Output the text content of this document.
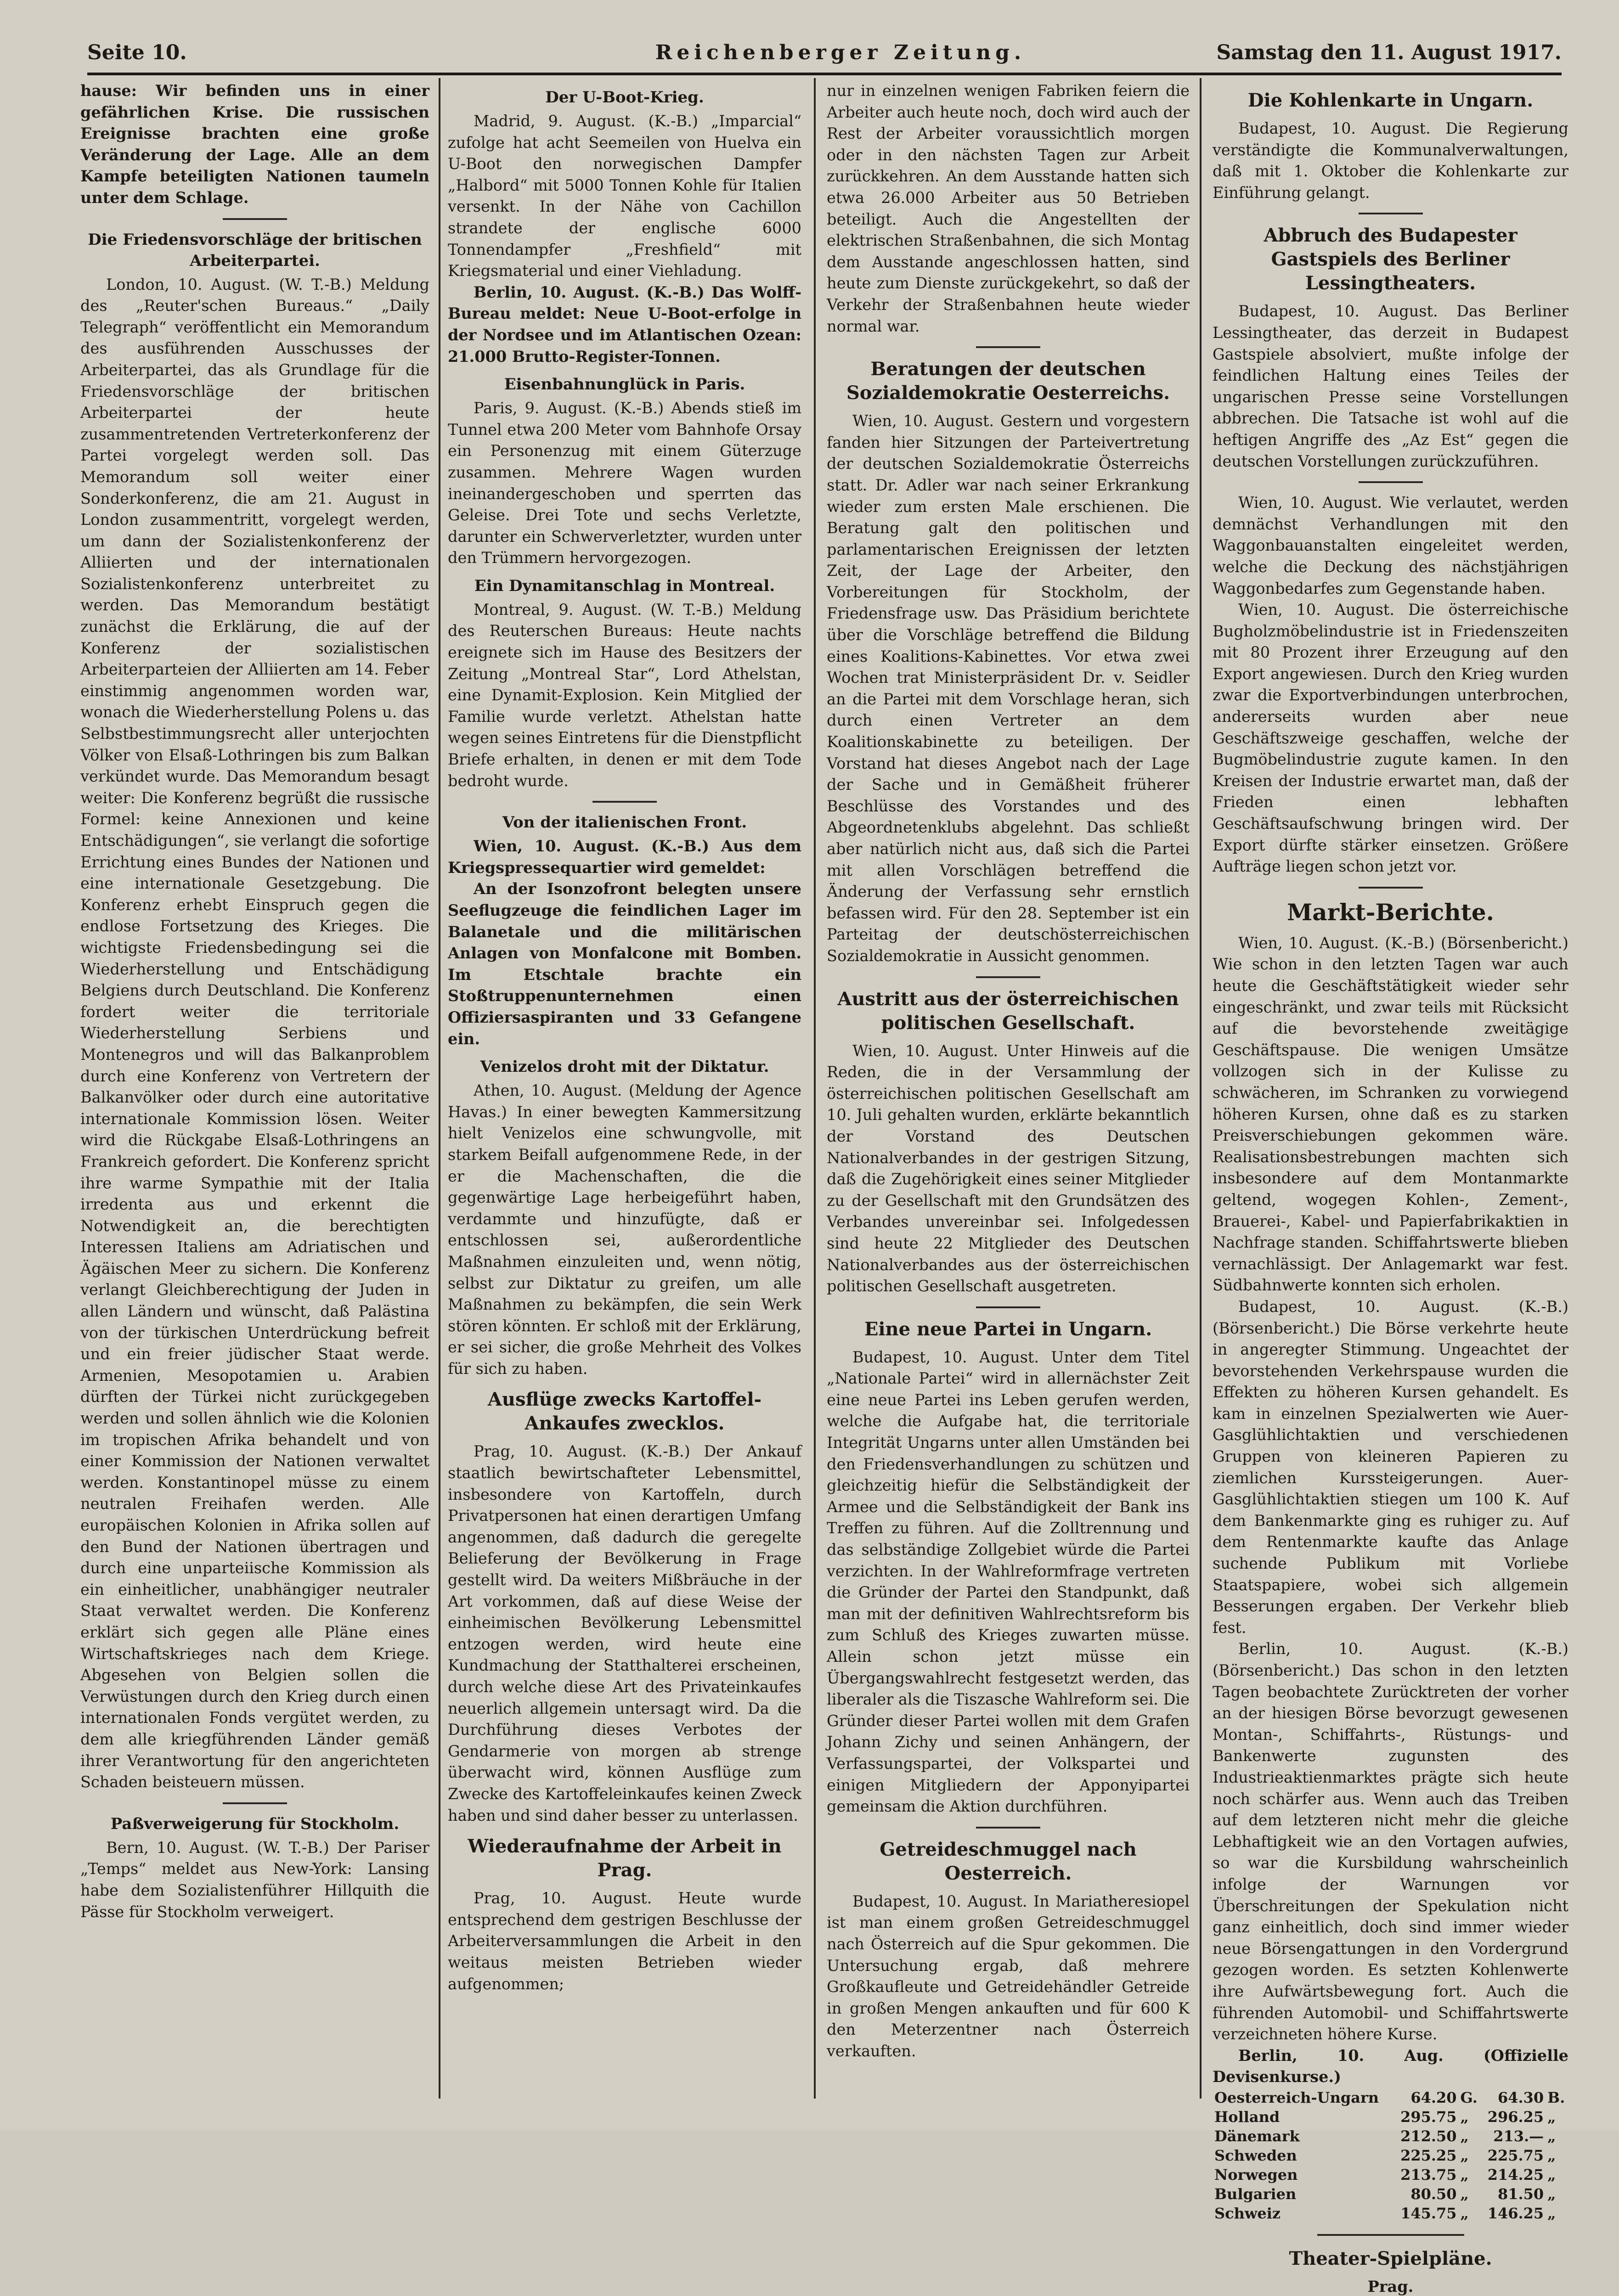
Seite 10.	Reichenberger Zeitung.	Samstag den 11. August 1917.

hause: Wir befinden uns in einer gefährlichen Krise. Die russischen Ereignisse brachten eine große Veränderung der Lage. Alle an dem Kampfe beteiligten Nationen taumeln unter dem Schlage.

Die Friedensvorschläge der britischen Arbeiterpartei.

London, 10. August. (W. T.-B.) Meldung des „Reuter'schen Bureaus.“ „Daily Telegraph“ veröffentlicht ein Memorandum des ausführenden Ausschusses der Arbeiterpartei, das als Grundlage für die Friedensvorschläge der britischen Arbeiterpartei der heute zusammentretenden Vertreterkonferenz der Partei vorgelegt werden soll. Das Memorandum soll weiter einer Sonderkonferenz, die am 21. August in London zusammentritt, vorgelegt werden, um dann der Sozialistenkonferenz der Alliierten und der internationalen Sozialistenkonferenz unterbreitet zu werden. Das Memorandum bestätigt zunächst die Erklärung, die auf der Konferenz der sozialistischen Arbeiterparteien der Alliierten am 14. Feber einstimmig angenommen worden war, wonach die Wiederherstellung Polens u. das Selbstbestimmungsrecht aller unterjochten Völker von Elsaß-Lothringen bis zum Balkan verkündet wurde. Das Memorandum besagt weiter: Die Konferenz begrüßt die russische Formel: keine Annexionen und keine Entschädigungen“, sie verlangt die sofortige Errichtung eines Bundes der Nationen und eine internationale Gesetzgebung. Die Konferenz erhebt Einspruch gegen die endlose Fortsetzung des Krieges. Die wichtigste Friedensbedingung sei die Wiederherstellung und Entschädigung Belgiens durch Deutschland. Die Konferenz fordert weiter die territoriale Wiederherstellung Serbiens und Montenegros und will das Balkanproblem durch eine Konferenz von Vertretern der Balkanvölker oder durch eine autoritative internationale Kommission lösen. Weiter wird die Rückgabe Elsaß-Lothringens an Frankreich gefordert. Die Konferenz spricht ihre warme Sympathie mit der Italia irredenta aus und erkennt die Notwendigkeit an, die berechtigten Interessen Italiens am Adriatischen und Ägäischen Meer zu sichern. Die Konferenz verlangt Gleichberechtigung der Juden in allen Ländern und wünscht, daß Palästina von der türkischen Unterdrückung befreit und ein freier jüdischer Staat werde. Armenien, Mesopotamien u. Arabien dürften der Türkei nicht zurückgegeben werden und sollen ähnlich wie die Kolonien im tropischen Afrika behandelt und von einer Kommission der Nationen verwaltet werden. Konstantinopel müsse zu einem neutralen Freihafen werden. Alle europäischen Kolonien in Afrika sollen auf den Bund der Nationen übertragen und durch eine unparteiische Kommission als ein einheitlicher, unabhängiger neutraler Staat verwaltet werden. Die Konferenz erklärt sich gegen alle Pläne eines Wirtschaftskrieges nach dem Kriege. Abgesehen von Belgien sollen die Verwüstungen durch den Krieg durch einen internationalen Fonds vergütet werden, zu dem alle kriegführenden Länder gemäß ihrer Verantwortung für den angerichteten Schaden beisteuern müssen.

Paßverweigerung für Stockholm.

Bern, 10. August. (W. T.-B.) Der Pariser „Temps“ meldet aus New-York: Lansing habe dem Sozialistenführer Hillquith die Pässe für Stockholm verweigert.

Der U-Boot-Krieg.

Madrid, 9. August. (K.-B.) „Imparcial“ zufolge hat acht Seemeilen von Huelva ein U-Boot den norwegischen Dampfer „Halbord“ mit 5000 Tonnen Kohle für Italien versenkt. In der Nähe von Cachillon strandete der englische 6000 Tonnendampfer „Freshfield“ mit Kriegsmaterial und einer Viehladung.

Berlin, 10. August. (K.-B.) Das Wolff-Bureau meldet: Neue U-Boot-erfolge in der Nordsee und im Atlantischen Ozean: 21.000 Brutto-Register-Tonnen.

Eisenbahnunglück in Paris.

Paris, 9. August. (K.-B.) Abends stieß im Tunnel etwa 200 Meter vom Bahnhofe Orsay ein Personenzug mit einem Güterzuge zusammen. Mehrere Wagen wurden ineinandergeschoben und sperrten das Geleise. Drei Tote und sechs Verletzte, darunter ein Schwerverletzter, wurden unter den Trümmern hervorgezogen.

Ein Dynamitanschlag in Montreal.

Montreal, 9. August. (W. T.-B.) Meldung des Reuterschen Bureaus: Heute nachts ereignete sich im Hause des Besitzers der Zeitung „Montreal Star“, Lord Athelstan, eine Dynamit-Explosion. Kein Mitglied der Familie wurde verletzt. Athelstan hatte wegen seines Eintretens für die Dienstpflicht Briefe erhalten, in denen er mit dem Tode bedroht wurde.

Von der italienischen Front.

Wien, 10. August. (K.-B.) Aus dem Kriegspressequartier wird gemeldet:

An der Isonzofront belegten unsere Seeflugzeuge die feindlichen Lager im Balanetale und die militärischen Anlagen von Monfalcone mit Bomben. Im Etschtale brachte ein Stoßtruppenunternehmen einen Offiziersaspiranten und 33 Gefangene ein.

Venizelos droht mit der Diktatur.

Athen, 10. August. (Meldung der Agence Havas.) In einer bewegten Kammersitzung hielt Venizelos eine schwungvolle, mit starkem Beifall aufgenommene Rede, in der er die Machenschaften, die die gegenwärtige Lage herbeigeführt haben, verdammte und hinzufügte, daß er entschlossen sei, außerordentliche Maßnahmen einzuleiten und, wenn nötig, selbst zur Diktatur zu greifen, um alle Maßnahmen zu bekämpfen, die sein Werk stören könnten. Er schloß mit der Erklärung, er sei sicher, die große Mehrheit des Volkes für sich zu haben.

Ausflüge zwecks Kartoffel-Ankaufes zwecklos.

Prag, 10. August. (K.-B.) Der Ankauf staatlich bewirtschafteter Lebensmittel, insbesondere von Kartoffeln, durch Privatpersonen hat einen derartigen Umfang angenommen, daß dadurch die geregelte Belieferung der Bevölkerung in Frage gestellt wird. Da weiters Mißbräuche in der Art vorkommen, daß auf diese Weise der einheimischen Bevölkerung Lebensmittel entzogen werden, wird heute eine Kundmachung der Statthalterei erscheinen, durch welche diese Art des Privateinkaufes neuerlich allgemein untersagt wird. Da die Durchführung dieses Verbotes der Gendarmerie von morgen ab strenge überwacht wird, können Ausflüge zum Zwecke des Kartoffeleinkaufes keinen Zweck haben und sind daher besser zu unterlassen.

Wiederaufnahme der Arbeit in Prag.

Prag, 10. August. Heute wurde entsprechend dem gestrigen Beschlusse der Arbeiterversammlungen die Arbeit in den weitaus meisten Betrieben wieder aufgenommen;

nur in einzelnen wenigen Fabriken feiern die Arbeiter auch heute noch, doch wird auch der Rest der Arbeiter voraussichtlich morgen oder in den nächsten Tagen zur Arbeit zurückkehren. An dem Ausstande hatten sich etwa 26.000 Arbeiter aus 50 Betrieben beteiligt. Auch die Angestellten der elektrischen Straßenbahnen, die sich Montag dem Ausstande angeschlossen hatten, sind heute zum Dienste zurückgekehrt, so daß der Verkehr der Straßenbahnen heute wieder normal war.

Beratungen der deutschen Sozialdemokratie Oesterreichs.

Wien, 10. August. Gestern und vorgestern fanden hier Sitzungen der Parteivertretung der deutschen Sozialdemokratie Österreichs statt. Dr. Adler war nach seiner Erkrankung wieder zum ersten Male erschienen. Die Beratung galt den politischen und parlamentarischen Ereignissen der letzten Zeit, der Lage der Arbeiter, den Vorbereitungen für Stockholm, der Friedensfrage usw. Das Präsidium berichtete über die Vorschläge betreffend die Bildung eines Koalitions-Kabinettes. Vor etwa zwei Wochen trat Ministerpräsident Dr. v. Seidler an die Partei mit dem Vorschlage heran, sich durch einen Vertreter an dem Koalitionskabinette zu beteiligen. Der Vorstand hat dieses Angebot nach der Lage der Sache und in Gemäßheit früherer Beschlüsse des Vorstandes und des Abgeordnetenklubs abgelehnt. Das schließt aber natürlich nicht aus, daß sich die Partei mit allen Vorschlägen betreffend die Änderung der Verfassung sehr ernstlich befassen wird. Für den 28. September ist ein Parteitag der deutschösterreichischen Sozialdemokratie in Aussicht genommen.

Austritt aus der österreichischen politischen Gesellschaft.

Wien, 10. August. Unter Hinweis auf die Reden, die in der Versammlung der österreichischen politischen Gesellschaft am 10. Juli gehalten wurden, erklärte bekanntlich der Vorstand des Deutschen Nationalverbandes in der gestrigen Sitzung, daß die Zugehörigkeit eines seiner Mitglieder zu der Gesellschaft mit den Grundsätzen des Verbandes unvereinbar sei. Infolgedessen sind heute 22 Mitglieder des Deutschen Nationalverbandes aus der österreichischen politischen Gesellschaft ausgetreten.

Eine neue Partei in Ungarn.

Budapest, 10. August. Unter dem Titel „Nationale Partei“ wird in allernächster Zeit eine neue Partei ins Leben gerufen werden, welche die Aufgabe hat, die territoriale Integrität Ungarns unter allen Umständen bei den Friedensverhandlungen zu schützen und gleichzeitig hiefür die Selbständigkeit der Armee und die Selbständigkeit der Bank ins Treffen zu führen. Auf die Zolltrennung und das selbständige Zollgebiet würde die Partei verzichten. In der Wahlreformfrage vertreten die Gründer der Partei den Standpunkt, daß man mit der definitiven Wahlrechtsreform bis zum Schluß des Krieges zuwarten müsse. Allein schon jetzt müsse ein Übergangswahlrecht festgesetzt werden, das liberaler als die Tiszasche Wahlreform sei. Die Gründer dieser Partei wollen mit dem Grafen Johann Zichy und seinen Anhängern, der Verfassungspartei, der Volkspartei und einigen Mitgliedern der Apponyipartei gemeinsam die Aktion durchführen.

Getreideschmuggel nach Oesterreich.

Budapest, 10. August. In Mariatheresiopel ist man einem großen Getreideschmuggel nach Österreich auf die Spur gekommen. Die Untersuchung ergab, daß mehrere Großkaufleute und Getreidehändler Getreide in großen Mengen ankauften und für 600 K den Meterzentner nach Österreich verkauften.

Die Kohlenkarte in Ungarn.

Budapest, 10. August. Die Regierung verständigte die Kommunalverwaltungen, daß mit 1. Oktober die Kohlenkarte zur Einführung gelangt.

Abbruch des Budapester Gastspiels des Berliner Lessingtheaters.

Budapest, 10. August. Das Berliner Lessingtheater, das derzeit in Budapest Gastspiele absolviert, mußte infolge der feindlichen Haltung eines Teiles der ungarischen Presse seine Vorstellungen abbrechen. Die Tatsache ist wohl auf die heftigen Angriffe des „Az Est“ gegen die deutschen Vorstellungen zurückzuführen.

Wien, 10. August. Wie verlautet, werden demnächst Verhandlungen mit den Waggonbauanstalten eingeleitet werden, welche die Deckung des nächstjährigen Waggonbedarfes zum Gegenstande haben.

Wien, 10. August. Die österreichische Bugholzmöbelindustrie ist in Friedenszeiten mit 80 Prozent ihrer Erzeugung auf den Export angewiesen. Durch den Krieg wurden zwar die Exportverbindungen unterbrochen, andererseits wurden aber neue Geschäftszweige geschaffen, welche der Bugmöbelindustrie zugute kamen. In den Kreisen der Industrie erwartet man, daß der Frieden einen lebhaften Geschäftsaufschwung bringen wird. Der Export dürfte stärker einsetzen. Größere Aufträge liegen schon jetzt vor.

Markt-Berichte.

Wien, 10. August. (K.-B.) (Börsenbericht.) Wie schon in den letzten Tagen war auch heute die Geschäftstätigkeit wieder sehr eingeschränkt, und zwar teils mit Rücksicht auf die bevorstehende zweitägige Geschäftspause. Die wenigen Umsätze vollzogen sich in der Kulisse zu schwächeren, im Schranken zu vorwiegend höheren Kursen, ohne daß es zu starken Preisverschiebungen gekommen wäre. Realisationsbestrebungen machten sich insbesondere auf dem Montanmarkte geltend, wogegen Kohlen-, Zement-, Brauerei-, Kabel- und Papierfabrikaktien in Nachfrage standen. Schiffahrtswerte blieben vernachlässigt. Der Anlagemarkt war fest. Südbahnwerte konnten sich erholen.

Budapest, 10. August. (K.-B.) (Börsenbericht.) Die Börse verkehrte heute in angeregter Stimmung. Ungeachtet der bevorstehenden Verkehrspause wurden die Effekten zu höheren Kursen gehandelt. Es kam in einzelnen Spezialwerten wie Auer-Gasglühlichtaktien und verschiedenen Gruppen von kleineren Papieren zu ziemlichen Kurssteigerungen. Auer-Gasglühlichtaktien stiegen um 100 K. Auf dem Bankenmarkte ging es ruhiger zu. Auf dem Rentenmarkte kaufte das Anlage suchende Publikum mit Vorliebe Staatspapiere, wobei sich allgemein Besserungen ergaben. Der Verkehr blieb fest.

Berlin, 10. August. (K.-B.) (Börsenbericht.) Das schon in den letzten Tagen beobachtete Zurücktreten der vorher an der hiesigen Börse bevorzugt gewesenen Montan-, Schiffahrts-, Rüstungs- und Bankenwerte zugunsten des Industrieaktienmarktes prägte sich heute noch schärfer aus. Wenn auch das Treiben auf dem letzteren nicht mehr die gleiche Lebhaftigkeit wie an den Vortagen aufwies, so war die Kursbildung wahrscheinlich infolge der Warnungen vor Überschreitungen der Spekulation nicht ganz einheitlich, doch sind immer wieder neue Börsengattungen in den Vordergrund gezogen worden. Es setzten Kohlenwerte ihre Aufwärtsbewegung fort. Auch die führenden Automobil- und Schiffahrtswerte verzeichneten höhere Kurse.

Berlin, 10. Aug. (Offizielle Devisenkurse.)

Oesterreich-Ungarn	64.20	G.	64.30	B.
Holland	295.75	„	296.25	„
Dänemark	212.50	„	213.—	„
Schweden	225.25	„	225.75	„
Norwegen	213.75	„	214.25	„
Bulgarien	80.50	„	81.50	„
Schweiz	145.75	„	146.25	„
Theater-Spielpläne.

Prag.
